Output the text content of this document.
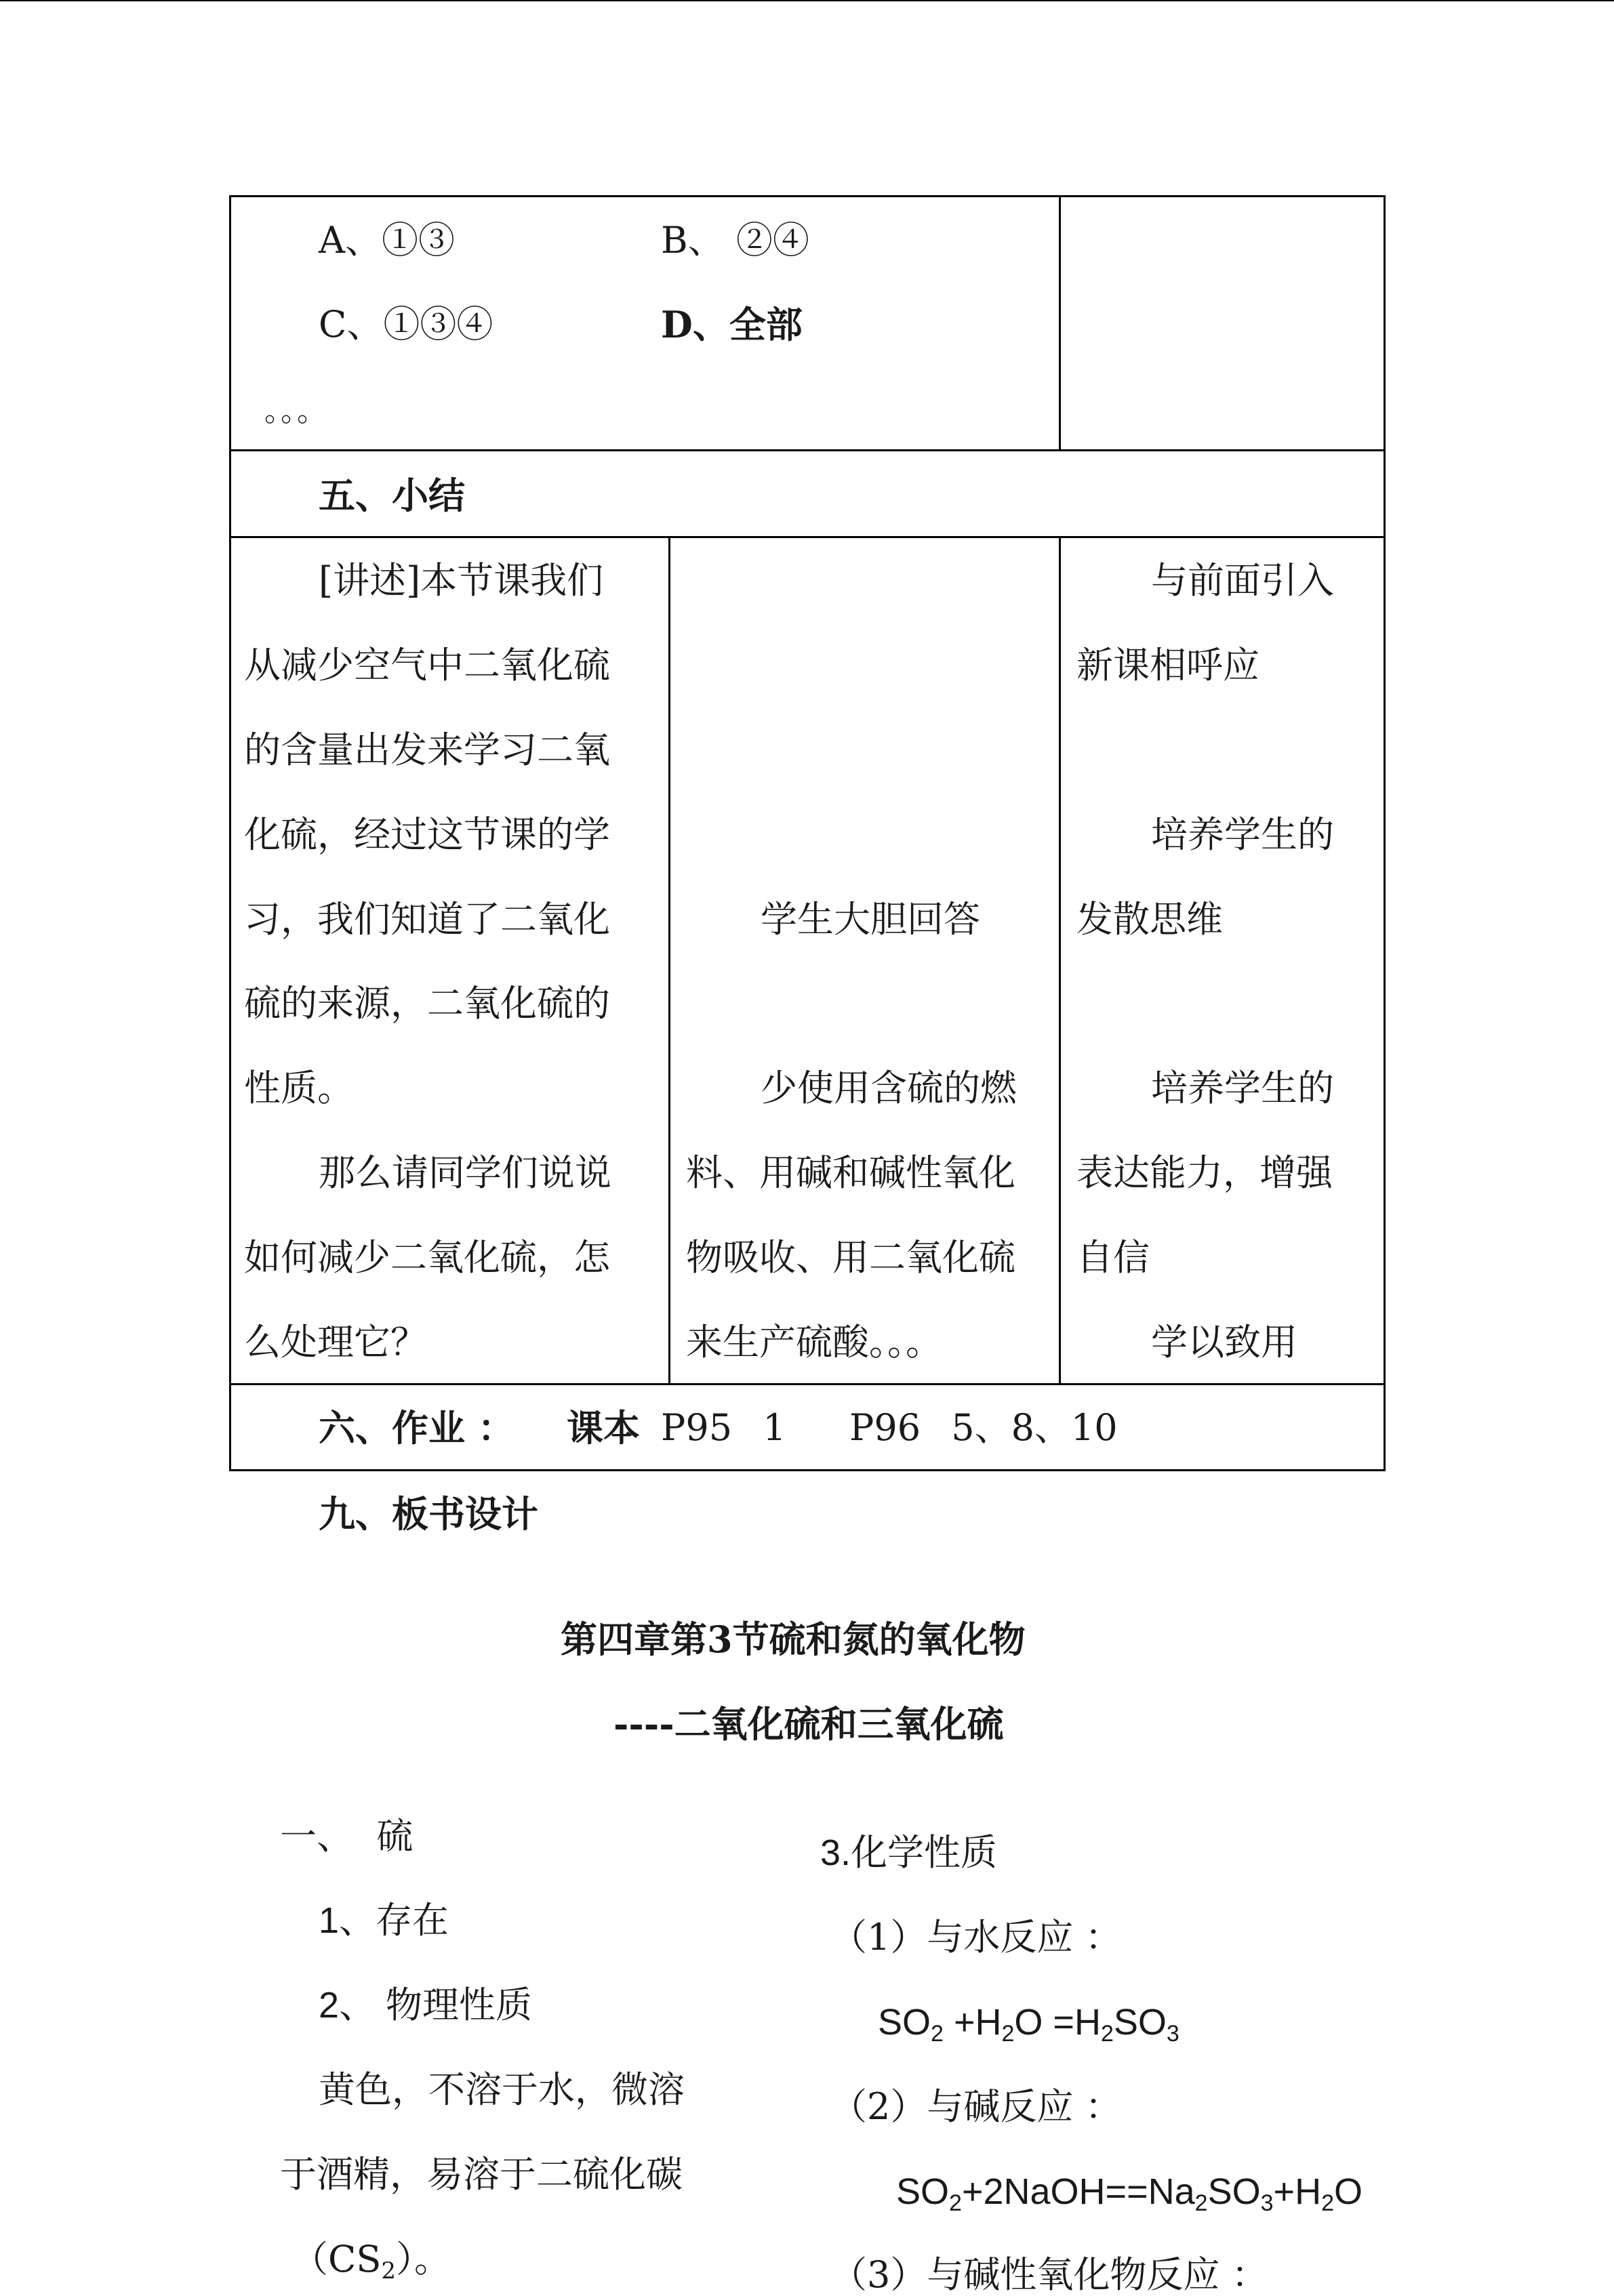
A、①③	B、 ②④
C、①③④	D、全部
。。。
五、小结
[讲述]本节课我们
从减少空气中二氧化硫
的含量出发来学习二氧
化硫，经过这节课的学
习，我们知道了二氧化
硫的来源，二氧化硫的
性质。
那么请同学们说说
如何减少二氧化硫，怎
么处理它？
学生大胆回答
少使用含硫的燃
料、用碱和碱性氧化
物吸收、用二氧化硫
来生产硫酸。。。
与前面引入
新课相呼应
培养学生的
发散思维
培养学生的
表达能力，增强
自信
学以致用
六、作业 ： 课本 P95 1 P96 5、8、10
九、板书设计
第四章第3节硫和氮的氧化物
----二氧化硫和三氧化硫
一、  硫
1、存在
2、 物理性质
黄色，不溶于水，微溶
于酒精，易溶于二硫化碳
$(CS_2)$。
3.化学性质
（1）与水反应 ：
$SO_2 +H_2O =H_2SO_3$
（2）与碱反应 ：
$SO_2+2NaOH==Na_2SO_3+H_2O$
（3）与碱性氧化物反应 ：
